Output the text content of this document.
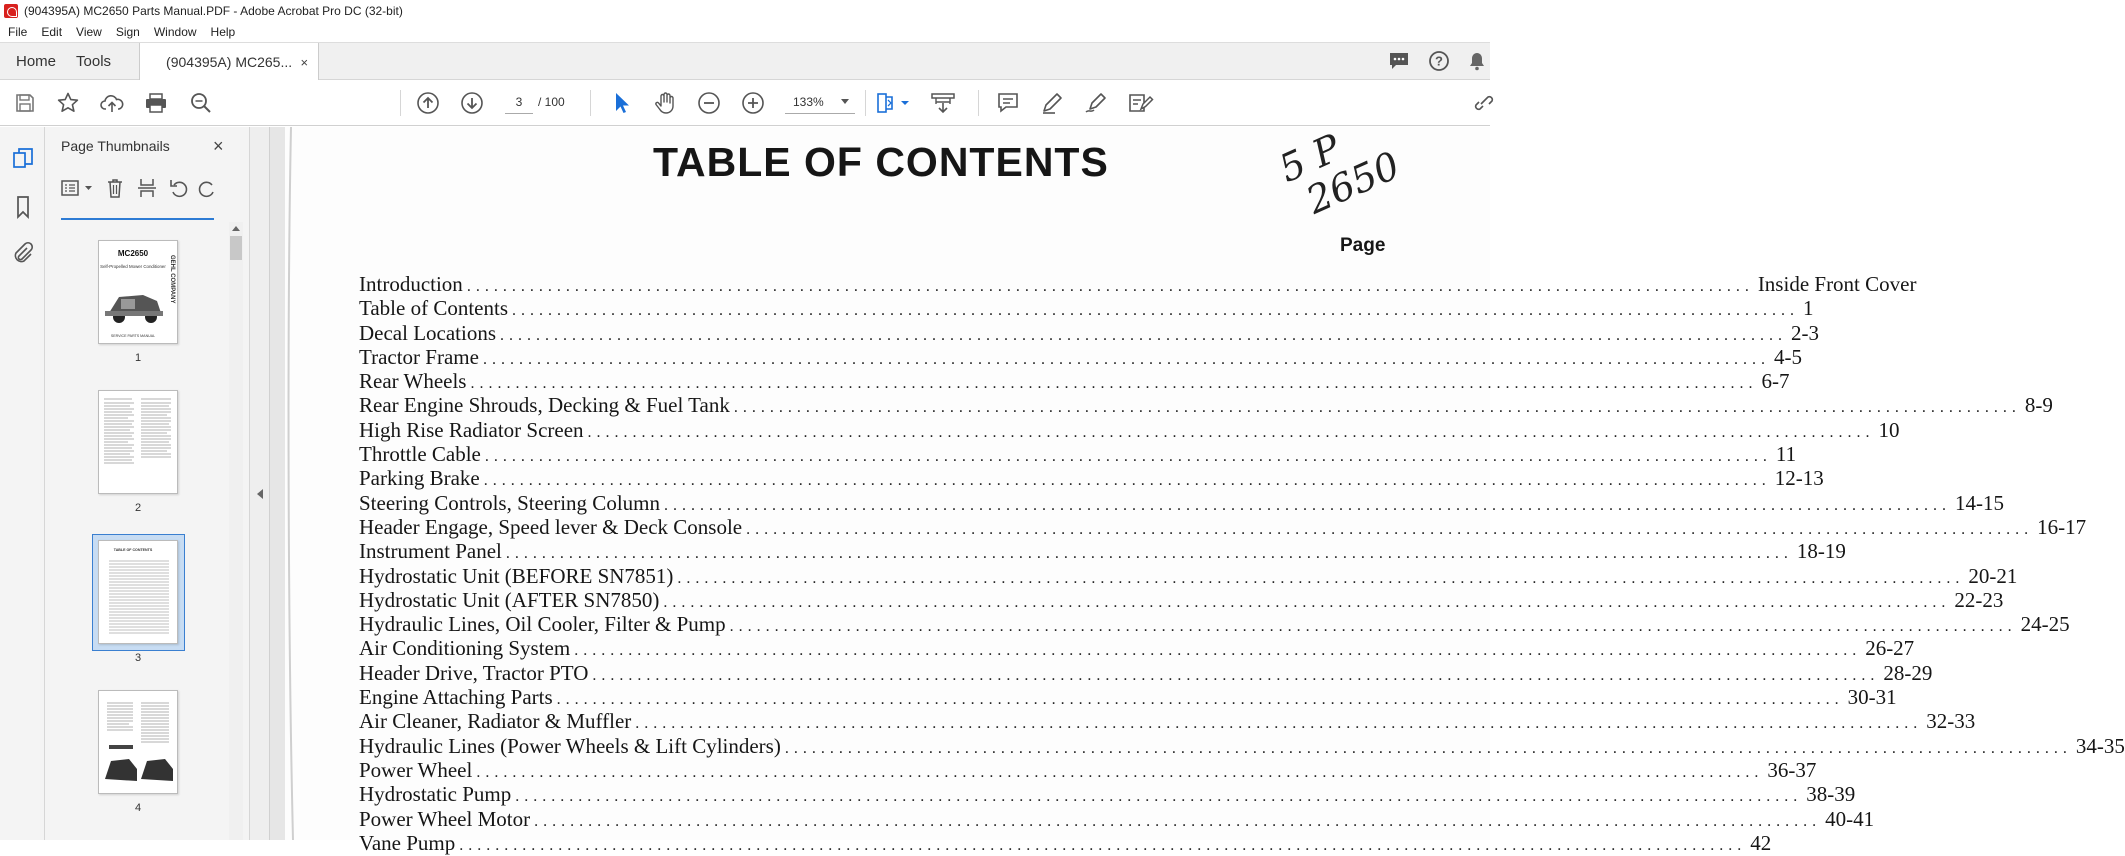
(904395A) MC2650 Parts Manual.PDF - Adobe Acrobat Pro DC (32-bit)
File	Edit	View	Sign	Window	Help
Home	Tools	(904395A) MC265... ×	?
3
/ 100	133%
Page Thumbnails ×
MC2650
Self-Propelled Mower Conditioner
SERVICE PARTS MANUAL
GEHL COMPANY
1
2
TABLE OF CONTENTS
3
4
TABLE OF CONTENTS	5 P
2650
Page
Introduction ............................................................................................................................................... Inside Front Cover
Table of Contents ............................................................................................................................................... 1
Decal Locations ............................................................................................................................................... 2-3
Tractor Frame ............................................................................................................................................... 4-5
Rear Wheels ............................................................................................................................................... 6-7
Rear Engine Shrouds, Decking & Fuel Tank ............................................................................................................................................... 8-9
High Rise Radiator Screen ............................................................................................................................................... 10
Throttle Cable ............................................................................................................................................... 11
Parking Brake ............................................................................................................................................... 12-13
Steering Controls, Steering Column ............................................................................................................................................... 14-15
Header Engage, Speed lever & Deck Console ............................................................................................................................................... 16-17
Instrument Panel ............................................................................................................................................... 18-19
Hydrostatic Unit (BEFORE SN7851) ............................................................................................................................................... 20-21
Hydrostatic Unit (AFTER SN7850) ............................................................................................................................................... 22-23
Hydraulic Lines, Oil Cooler, Filter & Pump ............................................................................................................................................... 24-25
Air Conditioning System ............................................................................................................................................... 26-27
Header Drive, Tractor PTO ............................................................................................................................................... 28-29
Engine Attaching Parts ............................................................................................................................................... 30-31
Air Cleaner, Radiator & Muffler ............................................................................................................................................... 32-33
Hydraulic Lines (Power Wheels & Lift Cylinders) ............................................................................................................................................... 34-35
Power Wheel ............................................................................................................................................... 36-37
Hydrostatic Pump ............................................................................................................................................... 38-39
Power Wheel Motor ............................................................................................................................................... 40-41
Vane Pump ............................................................................................................................................... 42
